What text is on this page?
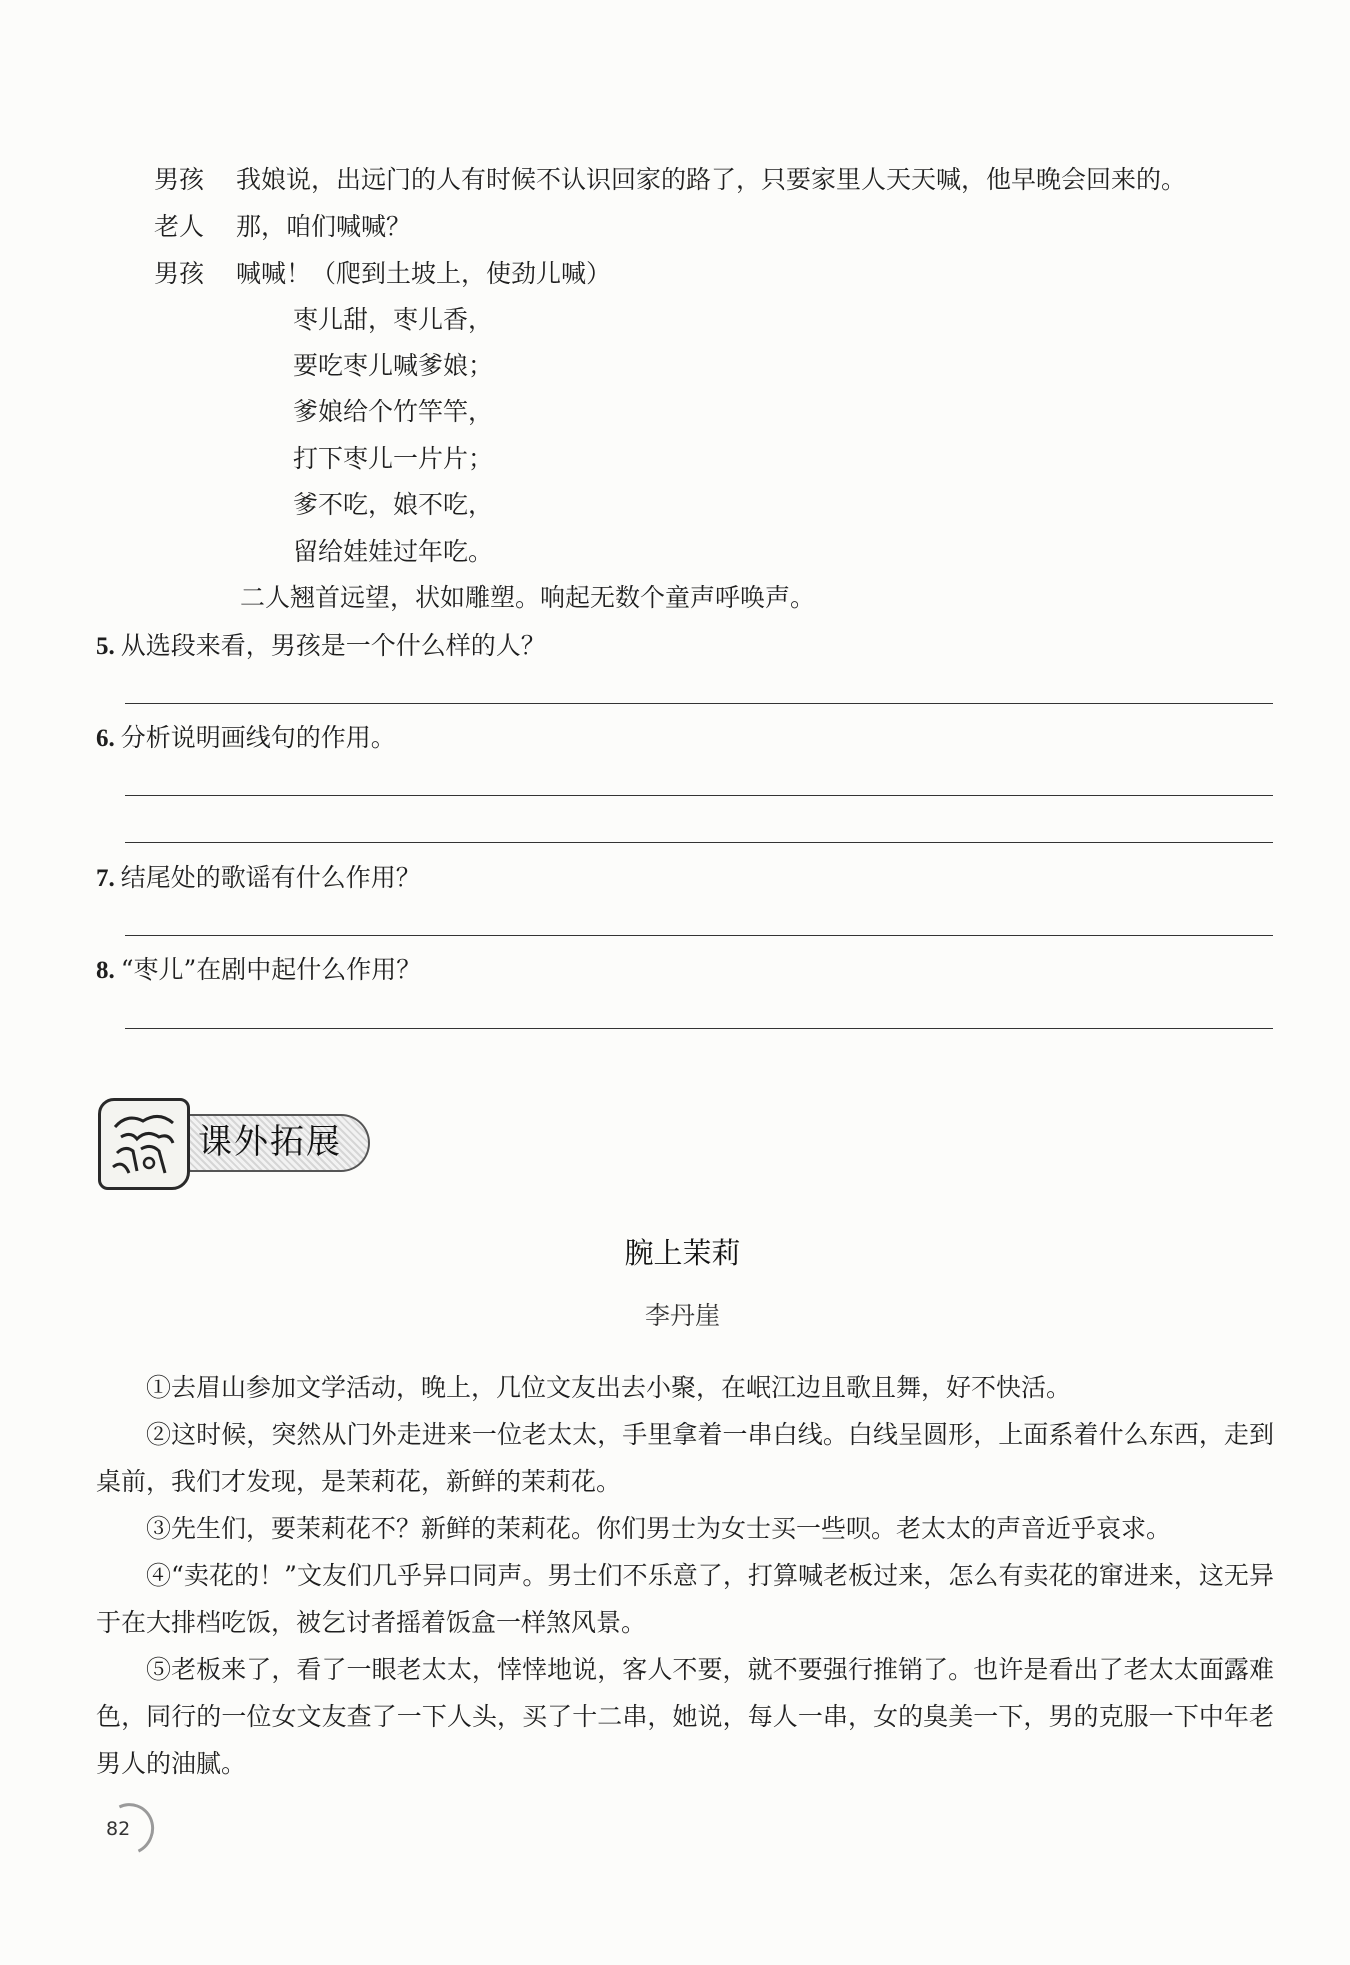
男孩 我娘说，出远门的人有时候不认识回家的路了，只要家里人天天喊，他早晚会回来的。
老人 那，咱们喊喊？
男孩 喊喊！（爬到土坡上，使劲儿喊）
枣儿甜，枣儿香，
要吃枣儿喊爹娘；
爹娘给个竹竿竿，
打下枣儿一片片；
爹不吃，娘不吃，
留给娃娃过年吃。
二人翘首远望，状如雕塑。响起无数个童声呼唤声。
5. 从选段来看，男孩是一个什么样的人？
6. 分析说明画线句的作用。
7. 结尾处的歌谣有什么作用？
8. “枣儿”在剧中起什么作用？
课外拓展
腕上茉莉
李丹崖
①去眉山参加文学活动，晚上，几位文友出去小聚，在岷江边且歌且舞，好不快活。
②这时候，突然从门外走进来一位老太太，手里拿着一串白线。白线呈圆形，上面系着什么东西，走到桌前，我们才发现，是茉莉花，新鲜的茉莉花。
③先生们，要茉莉花不？新鲜的茉莉花。你们男士为女士买一些呗。老太太的声音近乎哀求。
④“卖花的！”文友们几乎异口同声。男士们不乐意了，打算喊老板过来，怎么有卖花的窜进来，这无异于在大排档吃饭，被乞讨者摇着饭盒一样煞风景。
⑤老板来了，看了一眼老太太，悻悻地说，客人不要，就不要强行推销了。也许是看出了老太太面露难色，同行的一位女文友查了一下人头，买了十二串，她说，每人一串，女的臭美一下，男的克服一下中年老男人的油腻。
82
